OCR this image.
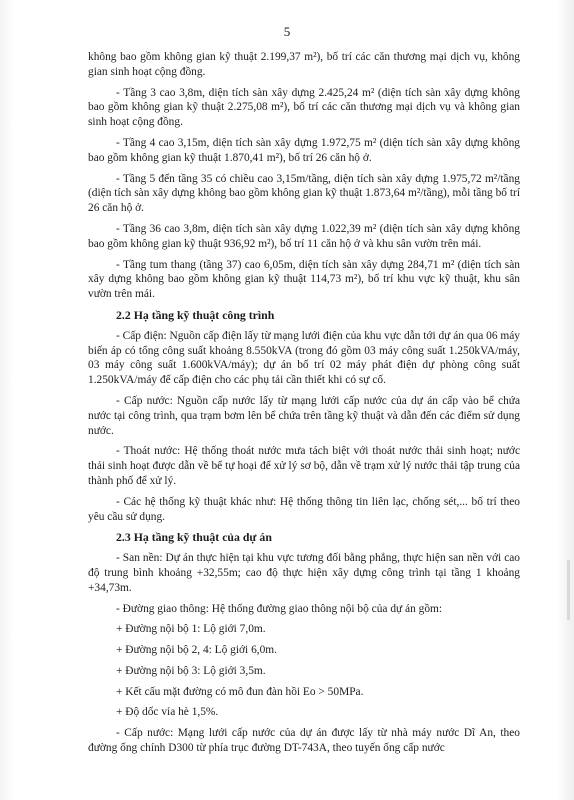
5

không bao gồm không gian kỹ thuật 2.199,37 m²), bố trí các căn thương mại dịch vụ, không gian sinh hoạt cộng đồng.

- Tầng 3 cao 3,8m, diện tích sàn xây dựng 2.425,24 m² (diện tích sàn xây dựng không bao gồm không gian kỹ thuật 2.275,08 m²), bố trí các căn thương mại dịch vụ và không gian sinh hoạt cộng đồng.

- Tầng 4 cao 3,15m, diện tích sàn xây dựng 1.972,75 m² (diện tích sàn xây dựng không bao gồm không gian kỹ thuật 1.870,41 m²), bố trí 26 căn hộ ở.

- Tầng 5 đến tầng 35 có chiều cao 3,15m/tầng, diện tích sàn xây dựng 1.975,72 m²/tầng (diện tích sàn xây dựng không bao gồm không gian kỹ thuật 1.873,64 m²/tầng), mỗi tầng bố trí 26 căn hộ ở.

- Tầng 36 cao 3,8m, diện tích sàn xây dựng 1.022,39 m² (diện tích sàn xây dựng không bao gồm không gian kỹ thuật 936,92 m²), bố trí 11 căn hộ ở và khu sân vườn trên mái.

- Tầng tum thang (tầng 37) cao 6,05m, diện tích sàn xây dựng 284,71 m² (diện tích sàn xây dựng không bao gồm không gian kỹ thuật 114,73 m²), bố trí khu vực kỹ thuật, khu sân vườn trên mái.

2.2 Hạ tầng kỹ thuật công trình

- Cấp điện: Nguồn cấp điện lấy từ mạng lưới điện của khu vực dẫn tới dự án qua 06 máy biến áp có tổng công suất khoảng 8.550kVA (trong đó gồm 03 máy công suất 1.250kVA/máy, 03 máy công suất 1.600kVA/máy); dự án bố trí 02 máy phát điện dự phòng công suất 1.250kVA/máy để cấp điện cho các phụ tải cần thiết khi có sự cố.

- Cấp nước: Nguồn cấp nước lấy từ mạng lưới cấp nước của dự án cấp vào bể chứa nước tại công trình, qua trạm bơm lên bể chứa trên tầng kỹ thuật và dẫn đến các điểm sử dụng nước.

- Thoát nước: Hệ thống thoát nước mưa tách biệt với thoát nước thải sinh hoạt; nước thải sinh hoạt được dẫn về bể tự hoại để xử lý sơ bộ, dẫn về trạm xử lý nước thải tập trung của thành phố để xử lý.

- Các hệ thống kỹ thuật khác như: Hệ thống thông tin liên lạc, chống sét,... bố trí theo yêu cầu sử dụng.

2.3 Hạ tầng kỹ thuật của dự án

- San nền: Dự án thực hiện tại khu vực tương đối bằng phẳng, thực hiện san nền với cao độ trung bình khoảng +32,55m; cao độ thực hiện xây dựng công trình tại tầng 1 khoảng +34,73m.

- Đường giao thông: Hệ thống đường giao thông nội bộ của dự án gồm:

+ Đường nội bộ 1: Lộ giới 7,0m.

+ Đường nội bộ 2, 4: Lộ giới 6,0m.

+ Đường nội bộ 3: Lộ giới 3,5m.

+ Kết cấu mặt đường có mô đun đàn hồi Eo > 50MPa.

+ Độ dốc vỉa hè 1,5%.

- Cấp nước: Mạng lưới cấp nước của dự án được lấy từ nhà máy nước Dĩ An, theo đường ống chính D300 từ phía trục đường DT-743A, theo tuyến ống cấp nước
